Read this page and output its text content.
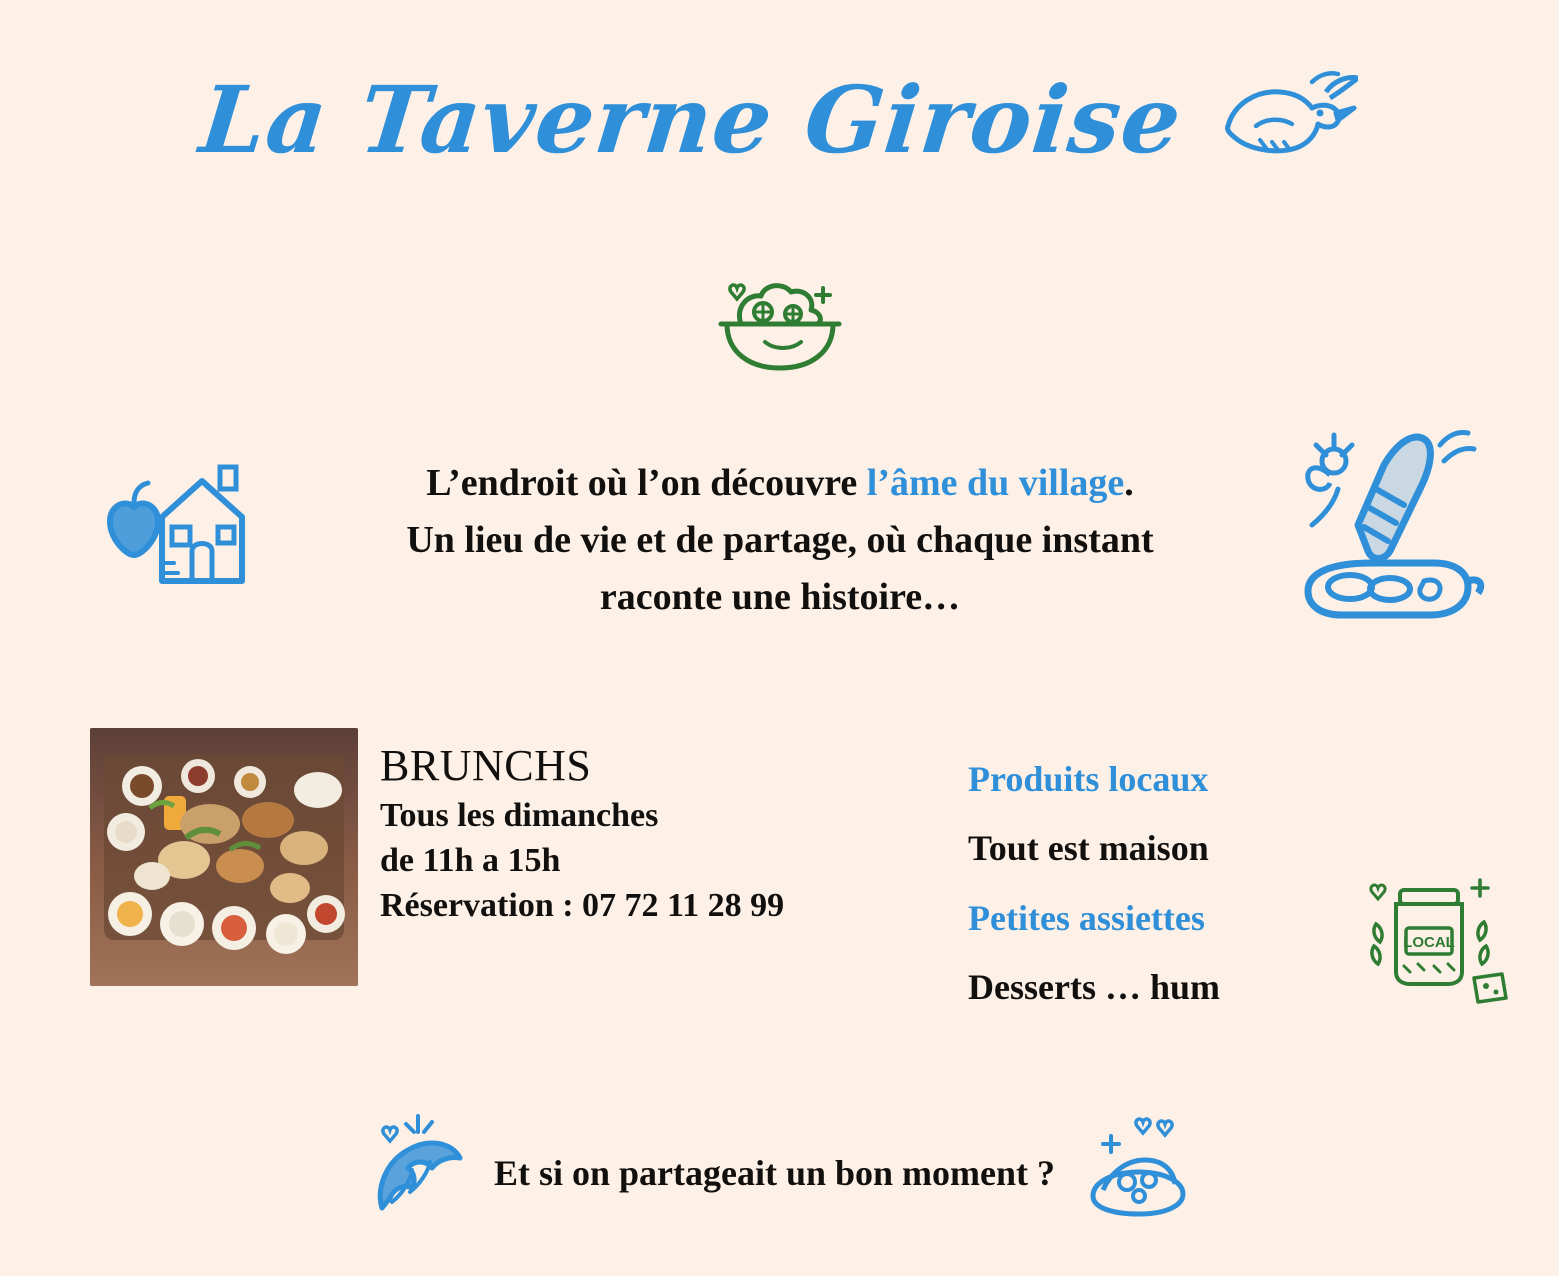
La Taverne Giroise
L’endroit où l’on découvre l’âme du village.
Un lieu de vie et de partage, où chaque instant
raconte une histoire…
BRUNCHS
Tous les dimanches
de 11h a 15h
Réservation : 07 72 11 28 99
Produits locaux
Tout est maison
Petites assiettes
Desserts … hum
LOCAL
Et si on partageait un bon moment ?
